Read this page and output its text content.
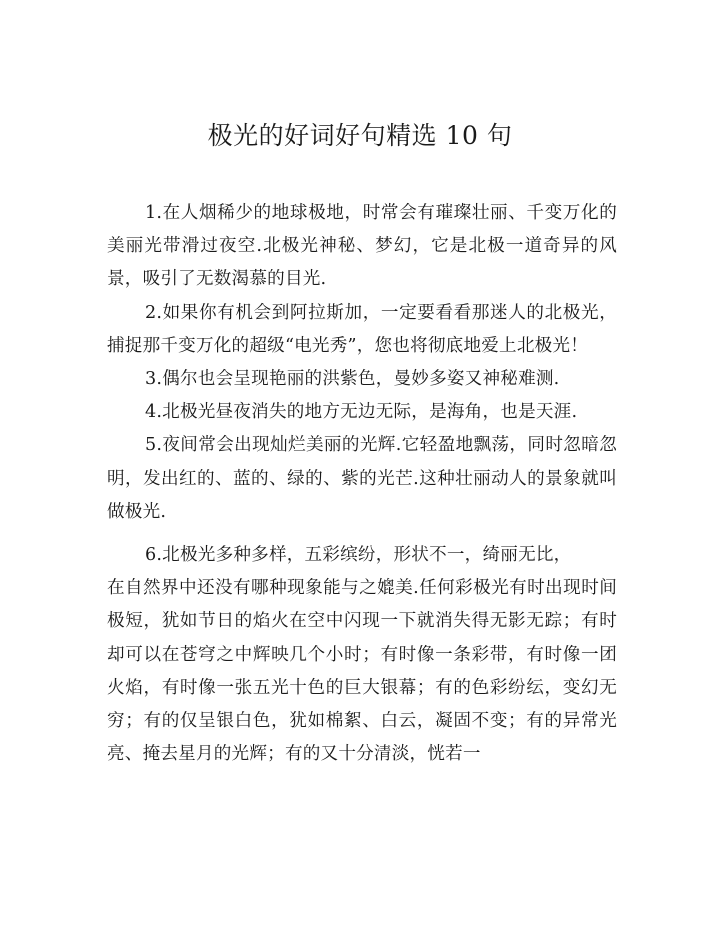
极光的好词好句精选 10 句

1.在人烟稀少的地球极地，时常会有璀璨壮丽、千变万化的美丽光带滑过夜空.北极光神秘、梦幻，它是北极一道奇异的风景，吸引了无数渴慕的目光.

2.如果你有机会到阿拉斯加，一定要看看那迷人的北极光，捕捉那千变万化的超级“电光秀”，您也将彻底地爱上北极光！

3.偶尔也会呈现艳丽的洪紫色，曼妙多姿又神秘难测.

4.北极光昼夜消失的地方无边无际，是海角，也是天涯.

5.夜间常会出现灿烂美丽的光辉.它轻盈地飘荡，同时忽暗忽明，发出红的、蓝的、绿的、紫的光芒.这种壮丽动人的景象就叫做极光.

6.北极光多种多样，五彩缤纷，形状不一，绮丽无比，

在自然界中还没有哪种现象能与之媲美.任何彩极光有时出现时间极短，犹如节日的焰火在空中闪现一下就消失得无影无踪；有时却可以在苍穹之中辉映几个小时；有时像一条彩带，有时像一团火焰，有时像一张五光十色的巨大银幕；有的色彩纷纭，变幻无穷；有的仅呈银白色，犹如棉絮、白云，凝固不变；有的异常光亮、掩去星月的光辉；有的又十分清淡，恍若一
